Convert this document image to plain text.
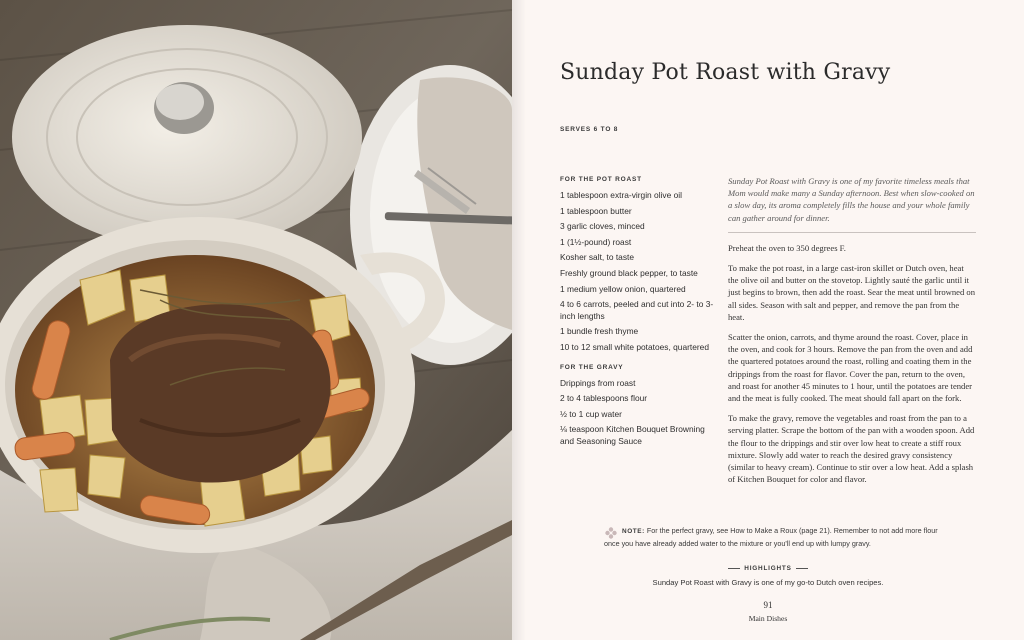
Sunday Pot Roast with Gravy
SERVES 6 TO 8
FOR THE POT ROAST
1 tablespoon extra-virgin olive oil
1 tablespoon butter
3 garlic cloves, minced
1 (1½-pound) roast
Kosher salt, to taste
Freshly ground black pepper, to taste
1 medium yellow onion, quartered
4 to 6 carrots, peeled and cut into 2- to 3-inch lengths
1 bundle fresh thyme
10 to 12 small white potatoes, quartered
FOR THE GRAVY
Drippings from roast
2 to 4 tablespoons flour
½ to 1 cup water
⅛ teaspoon Kitchen Bouquet Browning and Seasoning Sauce

Sunday Pot Roast with Gravy is one of my favorite timeless meals that Mom would make many a Sunday afternoon. Best when slow-cooked on a slow day, its aroma completely fills the house and your whole family can gather around for dinner.

Preheat the oven to 350 degrees F.

To make the pot roast, in a large cast-iron skillet or Dutch oven, heat the olive oil and butter on the stovetop. Lightly sauté the garlic until it just begins to brown, then add the roast. Sear the meat until browned on all sides. Season with salt and pepper, and remove the pan from the heat.

Scatter the onion, carrots, and thyme around the roast. Cover, place in the oven, and cook for 3 hours. Remove the pan from the oven and add the quartered potatoes around the roast, rolling and coating them in the drippings from the roast for flavor. Cover the pan, return to the oven, and roast for another 45 minutes to 1 hour, until the potatoes are tender and the meat is fully cooked. The meat should fall apart on the fork.

To make the gravy, remove the vegetables and roast from the pan to a serving platter. Scrape the bottom of the pan with a wooden spoon. Add the flour to the drippings and stir over low heat to create a stiff roux mixture. Slowly add water to reach the desired gravy consistency (similar to heavy cream). Continue to stir over a low heat. Add a splash of Kitchen Bouquet for color and flavor.

NOTE: For the perfect gravy, see How to Make a Roux (page 21). Remember to not add more flour once you have already added water to the mixture or you'll end up with lumpy gravy.
HIGHLIGHTS
Sunday Pot Roast with Gravy is one of my go-to Dutch oven recipes.
91
Main Dishes
